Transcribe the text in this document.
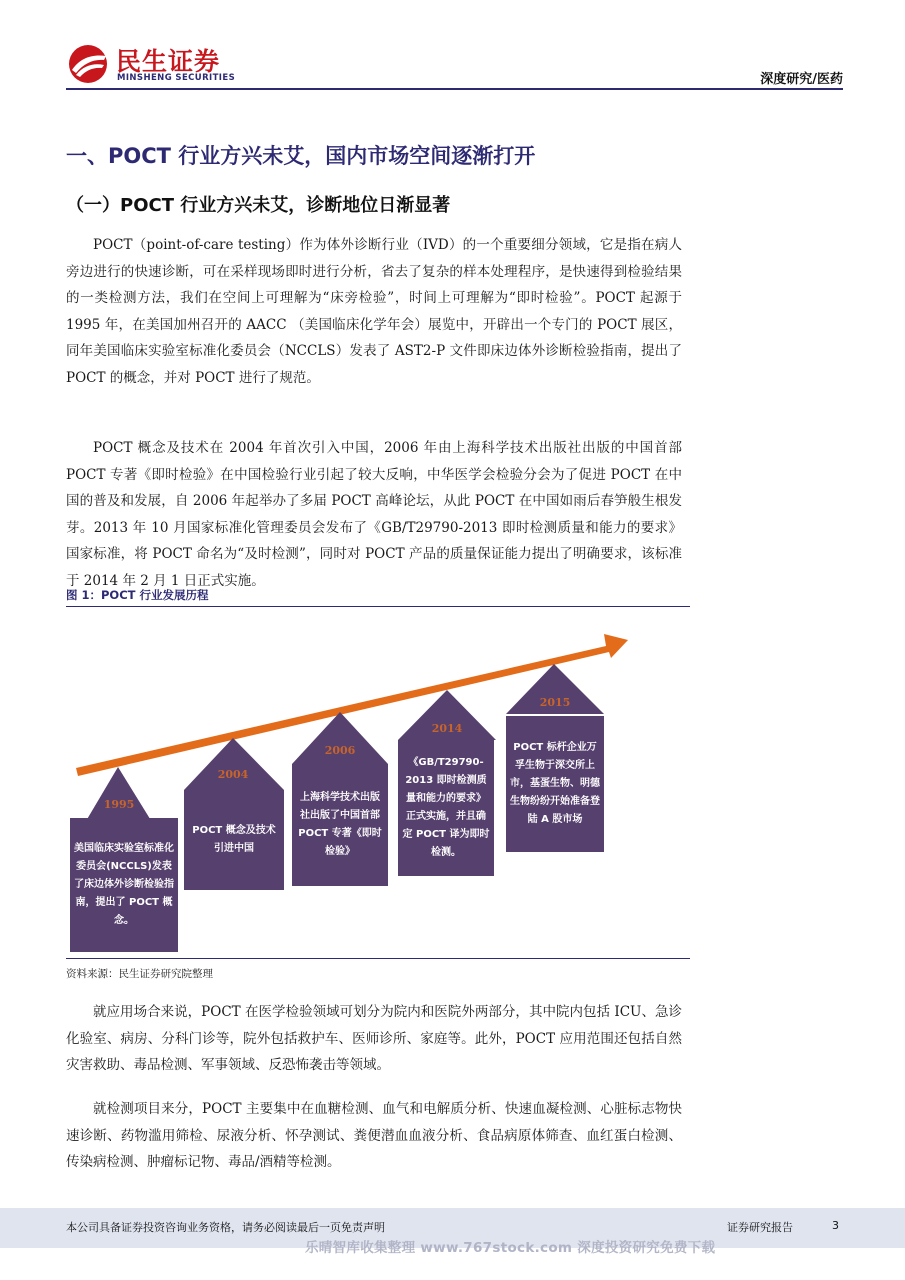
民生证券
MINSHENG SECURITIES	深度研究/医药
一、POCT 行业方兴未艾，国内市场空间逐渐打开
（一）POCT 行业方兴未艾，诊断地位日渐显著

POCT（point-of-care testing）作为体外诊断行业（IVD）的一个重要细分领域，它是指在病人旁边进行的快速诊断，可在采样现场即时进行分析，省去了复杂的样本处理程序，是快速得到检验结果的一类检测方法，我们在空间上可理解为“床旁检验”，时间上可理解为“即时检验”。POCT 起源于 1995 年，在美国加州召开的 AACC （美国临床化学年会）展览中，开辟出一个专门的 POCT 展区，同年美国临床实验室标准化委员会（NCCLS）发表了 AST2-P 文件即床边体外诊断检验指南，提出了 POCT 的概念，并对 POCT 进行了规范。

POCT 概念及技术在 2004 年首次引入中国，2006 年由上海科学技术出版社出版的中国首部 POCT 专著《即时检验》在中国检验行业引起了较大反响，中华医学会检验分会为了促进 POCT 在中国的普及和发展，自 2006 年起举办了多届 POCT 高峰论坛，从此 POCT 在中国如雨后春笋般生根发芽。2013 年 10 月国家标准化管理委员会发布了《GB/T29790-2013 即时检测质量和能力的要求》国家标准，将 POCT 命名为“及时检测”，同时对 POCT 产品的质量保证能力提出了明确要求，该标准于 2014 年 2 月 1 日正式实施。

图 1：POCT 行业发展历程
1995
2004
2006
2014
2015
美国临床实验室标准化委员会(NCCLS)发表了床边体外诊断检验指南，提出了 POCT 概念。
POCT 概念及技术引进中国
上海科学技术出版社出版了中国首部 POCT 专著《即时检验》
《GB/T29790-2013 即时检测质量和能力的要求》正式实施，并且确定 POCT 译为即时检测。
POCT 标杆企业万孚生物于深交所上市，基蛋生物、明德生物纷纷开始准备登陆 A 股市场
资料来源：民生证券研究院整理

就应用场合来说，POCT 在医学检验领域可划分为院内和医院外两部分，其中院内包括 ICU、急诊化验室、病房、分科门诊等，院外包括救护车、医师诊所、家庭等。此外，POCT 应用范围还包括自然灾害救助、毒品检测、军事领域、反恐怖袭击等领域。

就检测项目来分，POCT 主要集中在血糖检测、血气和电解质分析、快速血凝检测、心脏标志物快速诊断、药物滥用筛检、尿液分析、怀孕测试、粪便潜血血液分析、食品病原体筛查、血红蛋白检测、传染病检测、肿瘤标记物、毒品/酒精等检测。

本公司具备证券投资咨询业务资格，请务必阅读最后一页免责声明	证券研究报告	3
乐晴智库收集整理 www.767stock.com 深度投资研究免费下载
